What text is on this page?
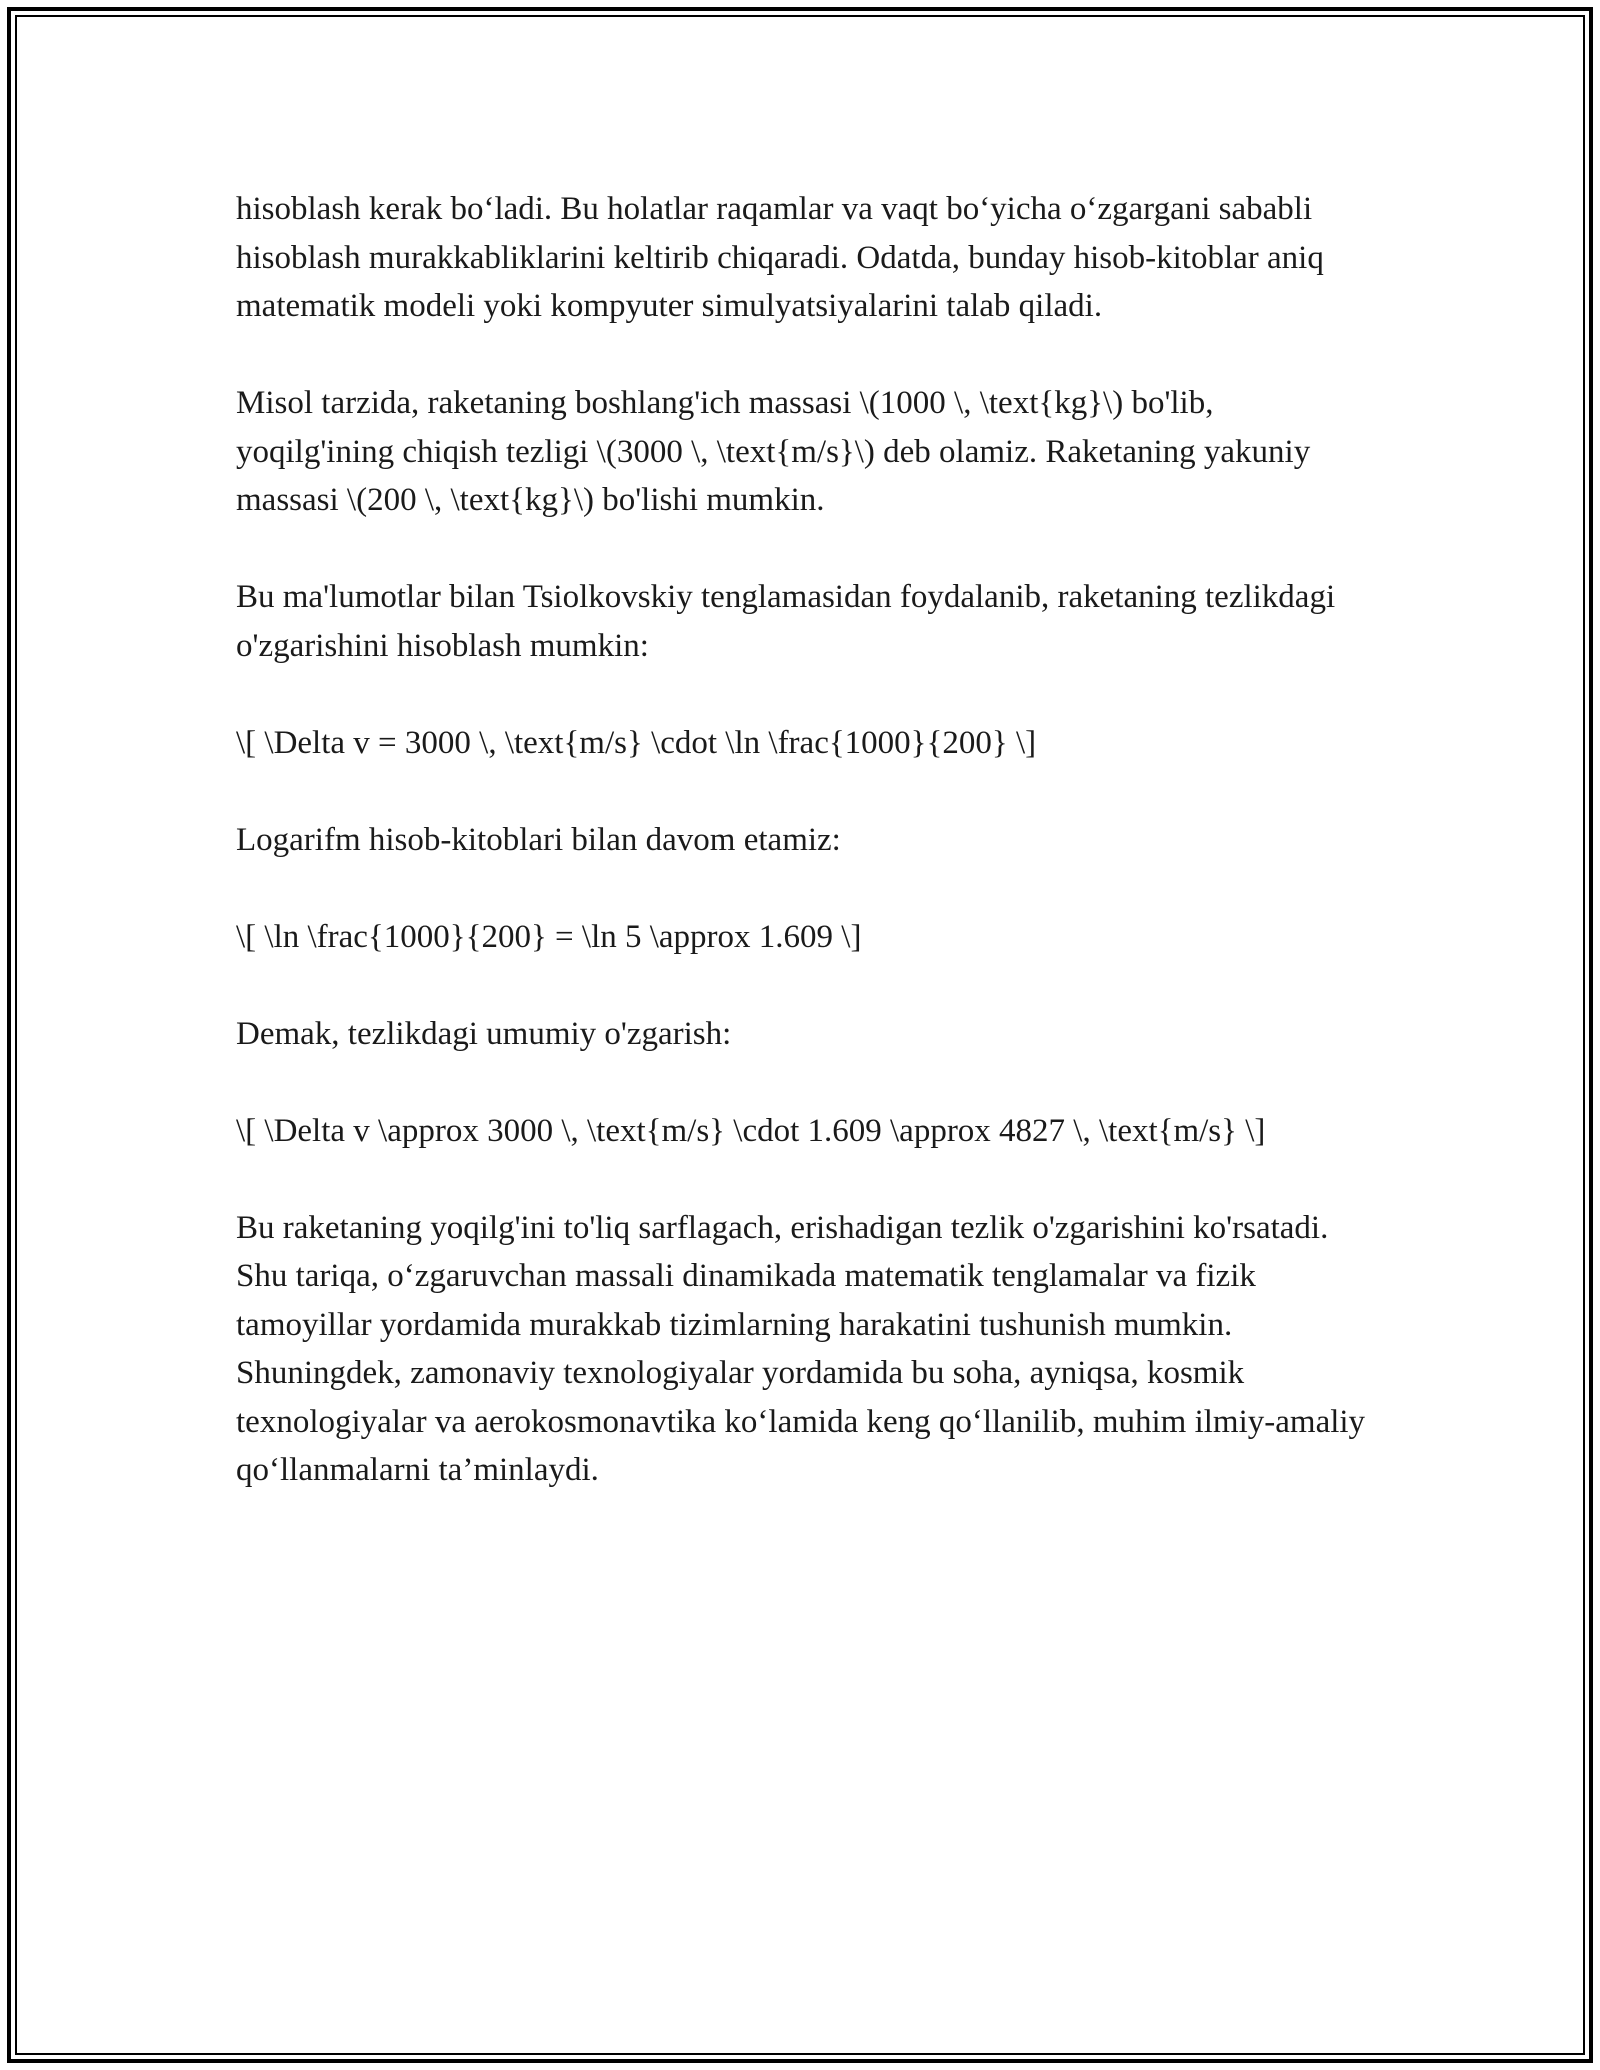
hisoblash kerak bo‘ladi. Bu holatlar raqamlar va vaqt bo‘yicha o‘zgargani sababli hisoblash murakkabliklarini keltirib chiqaradi. Odatda, bunday hisob-kitoblar aniq matematik modeli yoki kompyuter simulyatsiyalarini talab qiladi.

Misol tarzida, raketaning boshlang'ich massasi \(1000 \, \text{kg}\) bo'lib, yoqilg'ining chiqish tezligi \(3000 \, \text{m/s}\) deb olamiz. Raketaning yakuniy massasi \(200 \, \text{kg}\) bo'lishi mumkin.

Bu ma'lumotlar bilan Tsiolkovskiy tenglamasidan foydalanib, raketaning tezlikdagi o'zgarishini hisoblash mumkin:

\[ \Delta v = 3000 \, \text{m/s} \cdot \ln \frac{1000}{200} \]

Logarifm hisob-kitoblari bilan davom etamiz:

\[ \ln \frac{1000}{200} = \ln 5 \approx 1.609 \]

Demak, tezlikdagi umumiy o'zgarish:

\[ \Delta v \approx 3000 \, \text{m/s} \cdot 1.609 \approx 4827 \, \text{m/s} \]

Bu raketaning yoqilg'ini to'liq sarflagach, erishadigan tezlik o'zgarishini ko'rsatadi. Shu tariqa, o‘zgaruvchan massali dinamikada matematik tenglamalar va fizik tamoyillar yordamida murakkab tizimlarning harakatini tushunish mumkin. Shuningdek, zamonaviy texnologiyalar yordamida bu soha, ayniqsa, kosmik texnologiyalar va aerokosmonavtika ko‘lamida keng qo‘llanilib, muhim ilmiy-amaliy qo‘llanmalarni ta’minlaydi.
